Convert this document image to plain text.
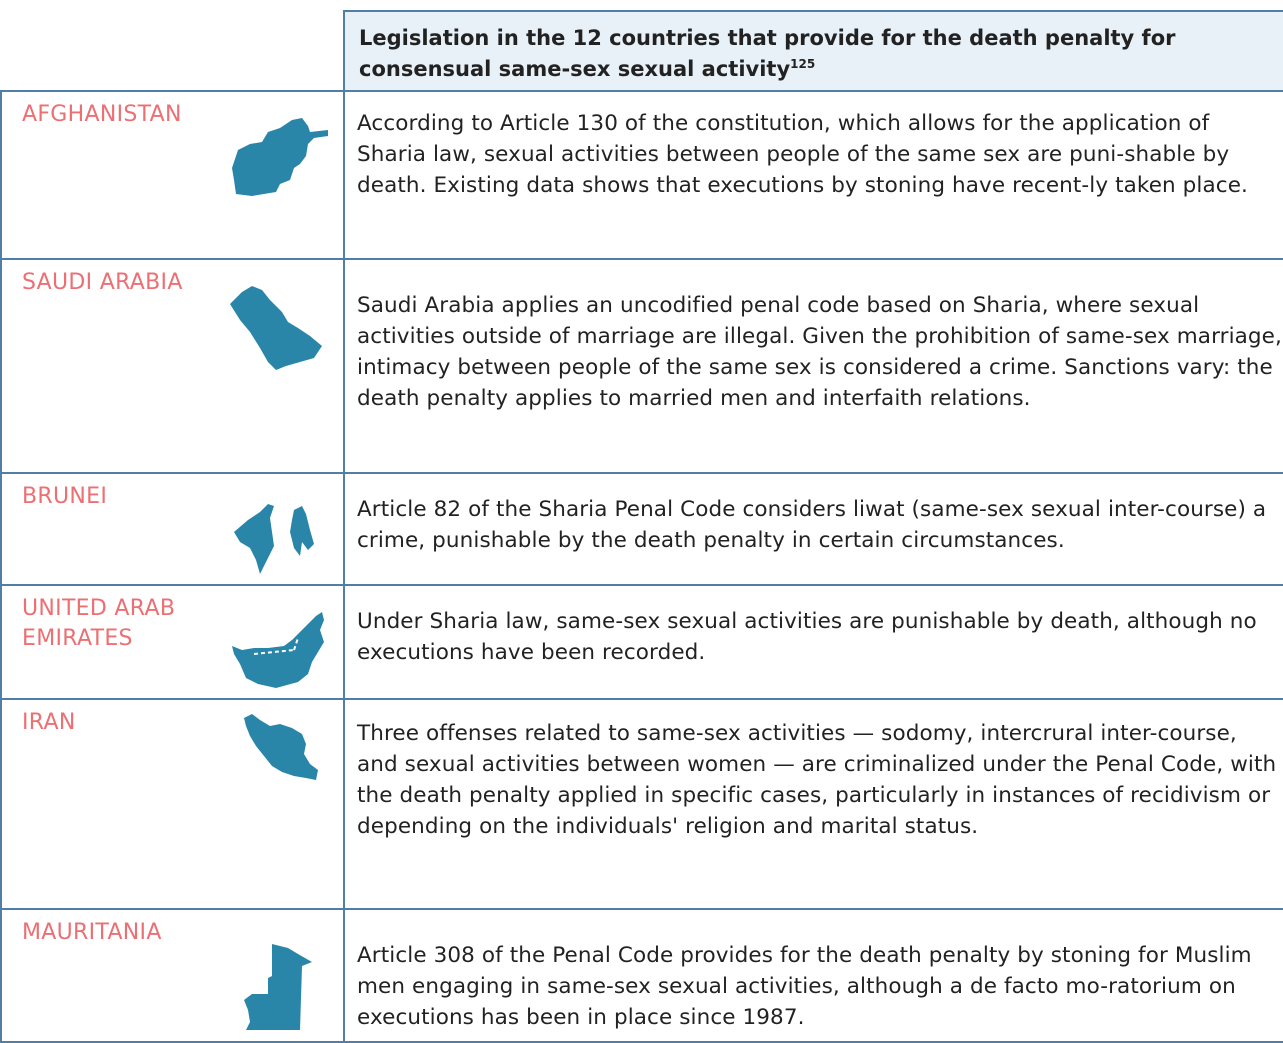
Legislation in the 12 countries that provide for the death penalty for consensual same-sex sexual activity$^{125}$
AFGHANISTAN	According to Article 130 of the constitution, which allows for the application of Sharia law, sexual activities between people of the same sex are puni-shable by death. Existing data shows that executions by stoning have recent-ly taken place.
SAUDI ARABIA
Saudi Arabia applies an uncodified penal code based on Sharia, where sexual activities outside of marriage are illegal. Given the prohibition of same-sex marriage, intimacy between people of the same sex is considered a crime. Sanctions vary: the death penalty applies to married men and interfaith relations.
BRUNEI
Article 82 of the Sharia Penal Code considers liwat (same-sex sexual inter-course) a crime, punishable by the death penalty in certain circumstances.
UNITED ARAB EMIRATES
Under Sharia law, same-sex sexual activities are punishable by death, although no executions have been recorded.
IRAN	Three offenses related to same-sex activities — sodomy, intercrural inter-course, and sexual activities between women — are criminalized under the Penal Code, with the death penalty applied in specific cases, particularly in instances of recidivism or depending on the individuals' religion and marital status.
MAURITANIA
Article 308 of the Penal Code provides for the death penalty by stoning for Muslim men engaging in same-sex sexual activities, although a de facto mo-ratorium on executions has been in place since 1987.
